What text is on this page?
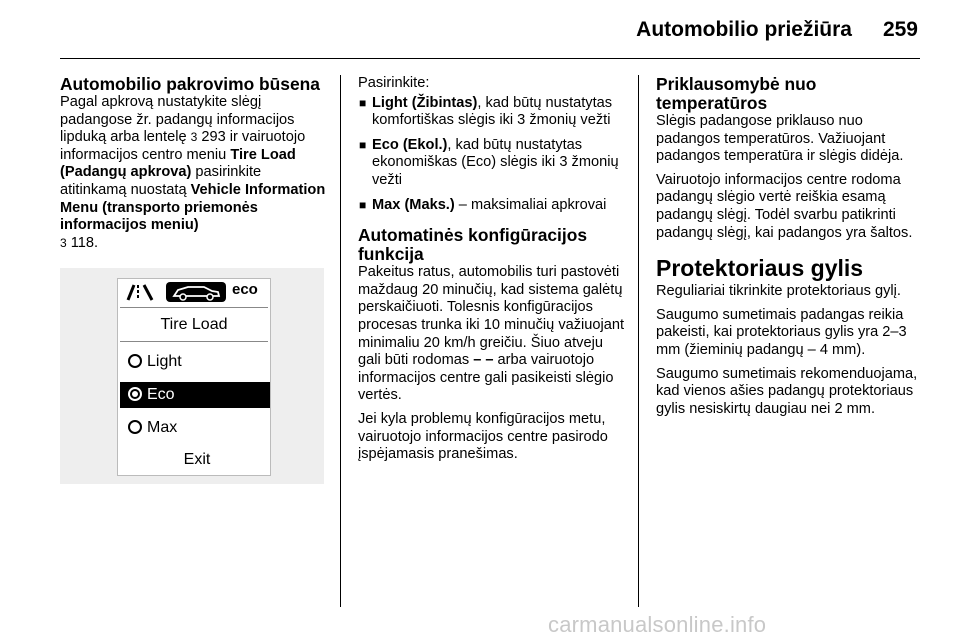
Automobilio priežiūra 259
Automobilio pakrovimo būsena

Pagal apkrovą nustatykite slėgį padangose žr. padangų informacijos lipduką arba lentelę 3 293 ir vairuotojo informacijos centro meniu Tire Load (Padangų apkrova) pasirinkite atitinkamą nuostatą Vehicle Information Menu (transporto priemonės informacijos meniu)
3 118.

eco
Tire Load
Light
Eco
Max
Exit

Pasirinkite:

■ Light (Žibintas), kad būtų nustatytas komfortiškas slėgis iki 3 žmonių vežti
■ Eco (Ekol.), kad būtų nustatytas ekonomiškas (Eco) slėgis iki 3 žmonių vežti
■ Max (Maks.) – maksimaliai apkrovai
Automatinės konfigūracijos funkcija

Pakeitus ratus, automobilis turi pastovėti maždaug 20 minučių, kad sistema galėtų perskaičiuoti. Tolesnis konfigūracijos procesas trunka iki 10 minučių važiuojant minimaliu 20 km/h greičiu. Šiuo atveju gali būti rodomas – – arba vairuotojo informacijos centre gali pasikeisti slėgio vertės.

Jei kyla problemų konfigūracijos metu, vairuotojo informacijos centre pasirodo įspėjamasis pranešimas.

Priklausomybė nuo temperatūros

Slėgis padangose priklauso nuo padangos temperatūros. Važiuojant padangos temperatūra ir slėgis didėja.

Vairuotojo informacijos centre rodoma padangų slėgio vertė reiškia esamą padangų slėgį. Todėl svarbu patikrinti padangų slėgį, kai padangos yra šaltos.

Protektoriaus gylis

Reguliariai tikrinkite protektoriaus gylį.

Saugumo sumetimais padangas reikia pakeisti, kai protektoriaus gylis yra 2–3 mm (žieminių padangų – 4 mm).

Saugumo sumetimais rekomenduojama, kad vienos ašies padangų protektoriaus gylis nesiskirtų daugiau nei 2 mm.

carmanualsonline.info
